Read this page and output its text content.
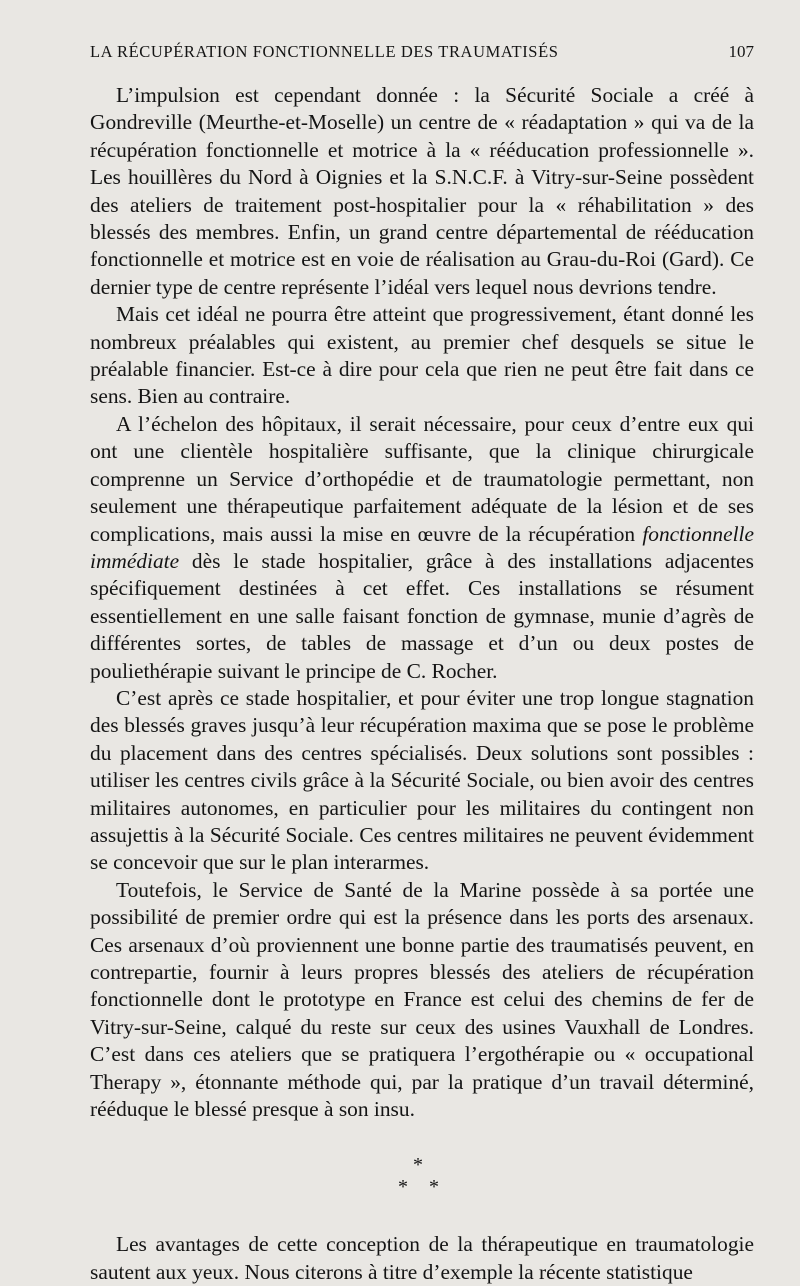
LA RÉCUPÉRATION FONCTIONNELLE DES TRAUMATISÉS	107

L’impulsion est cependant donnée : la Sécurité Sociale a créé à Gondreville (Meurthe-et-Moselle) un centre de « réadaptation » qui va de la récupération fonctionnelle et motrice à la « rééducation professionnelle ». Les houillères du Nord à Oignies et la S.N.C.F. à Vitry-sur-Seine possèdent des ateliers de traitement post-hospitalier pour la « réhabilitation » des blessés des membres. Enfin, un grand centre départemental de rééducation fonctionnelle et motrice est en voie de réalisation au Grau-du-Roi (Gard). Ce dernier type de centre représente l’idéal vers lequel nous devrions tendre.

Mais cet idéal ne pourra être atteint que progressivement, étant donné les nombreux préalables qui existent, au premier chef desquels se situe le préalable financier. Est-ce à dire pour cela que rien ne peut être fait dans ce sens. Bien au contraire.

A l’échelon des hôpitaux, il serait nécessaire, pour ceux d’entre eux qui ont une clientèle hospitalière suffisante, que la clinique chirurgicale comprenne un Service d’orthopédie et de traumatologie permettant, non seulement une thérapeutique parfaitement adéquate de la lésion et de ses complications, mais aussi la mise en œuvre de la récupération fonctionnelle immédiate dès le stade hospitalier, grâce à des installations adjacentes spécifiquement destinées à cet effet. Ces installations se résument essentiellement en une salle faisant fonction de gymnase, munie d’agrès de différentes sortes, de tables de massage et d’un ou deux postes de pouliethérapie suivant le principe de C. Rocher.

C’est après ce stade hospitalier, et pour éviter une trop longue stagnation des blessés graves jusqu’à leur récupération maxima que se pose le problème du placement dans des centres spécialisés. Deux solutions sont possibles : utiliser les centres civils grâce à la Sécurité Sociale, ou bien avoir des centres militaires autonomes, en particulier pour les militaires du contingent non assujettis à la Sécurité Sociale. Ces centres militaires ne peuvent évidemment se concevoir que sur le plan interarmes.

Toutefois, le Service de Santé de la Marine possède à sa portée une possibilité de premier ordre qui est la présence dans les ports des arsenaux. Ces arsenaux d’où proviennent une bonne partie des traumatisés peuvent, en contrepartie, fournir à leurs propres blessés des ateliers de récupération fonctionnelle dont le prototype en France est celui des chemins de fer de Vitry-sur-Seine, calqué du reste sur ceux des usines Vauxhall de Londres. C’est dans ces ateliers que se pratiquera l’ergothérapie ou « occupational Therapy », étonnante méthode qui, par la pratique d’un travail déterminé, rééduque le blessé presque à son insu.

*
* *

Les avantages de cette conception de la thérapeutique en traumatologie sautent aux yeux. Nous citerons à titre d’exemple la récente statistique
